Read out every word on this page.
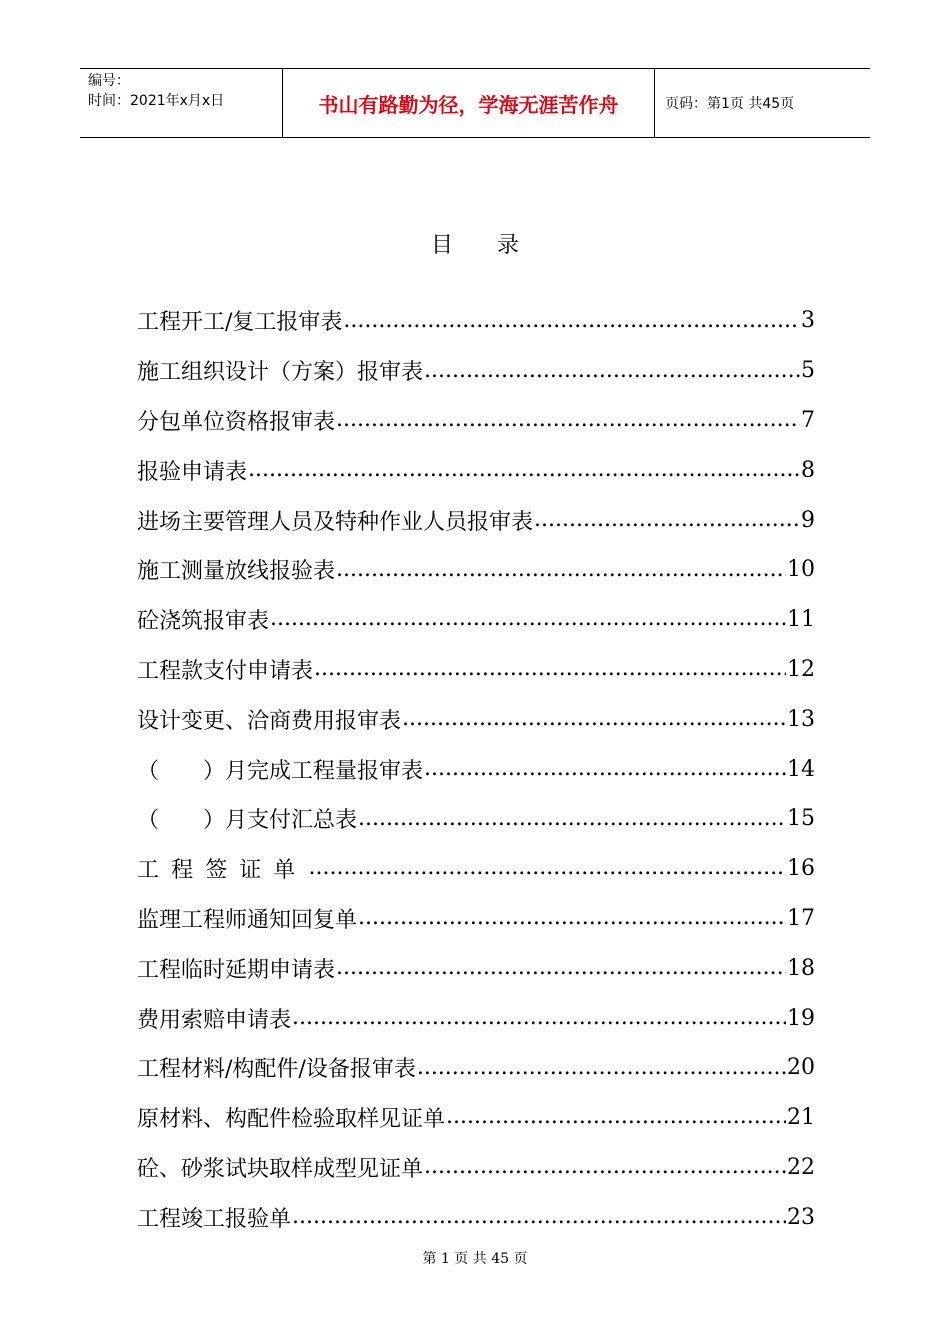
编号：
时间：2021年x月x日	书山有路勤为径，学海无涯苦作舟	页码：第1页 共45页
目　　录
工程开工/复工报审表 .....	3
施工组织设计（方案）报审表 .....	5
分包单位资格报审表 .....	7
报验申请表 .....	8
进场主要管理人员及特种作业人员报审表 .....	9
施工测量放线报验表 .....	10
砼浇筑报审表 .....	11
工程款支付申请表 .....	12
设计变更、洽商费用报审表 .....	13
（　　）月完成工程量报审表 .....	14
（　　）月支付汇总表 .....	15
工程签证单 .....	16
监理工程师通知回复单 .....	17
工程临时延期申请表 .....	18
费用索赔申请表 .....	19
工程材料/构配件/设备报审表 .....	20
原材料、构配件检验取样见证单 .....	21
砼、砂浆试块取样成型见证单 .....	22
工程竣工报验单 .....	23
第 1 页 共 45 页
